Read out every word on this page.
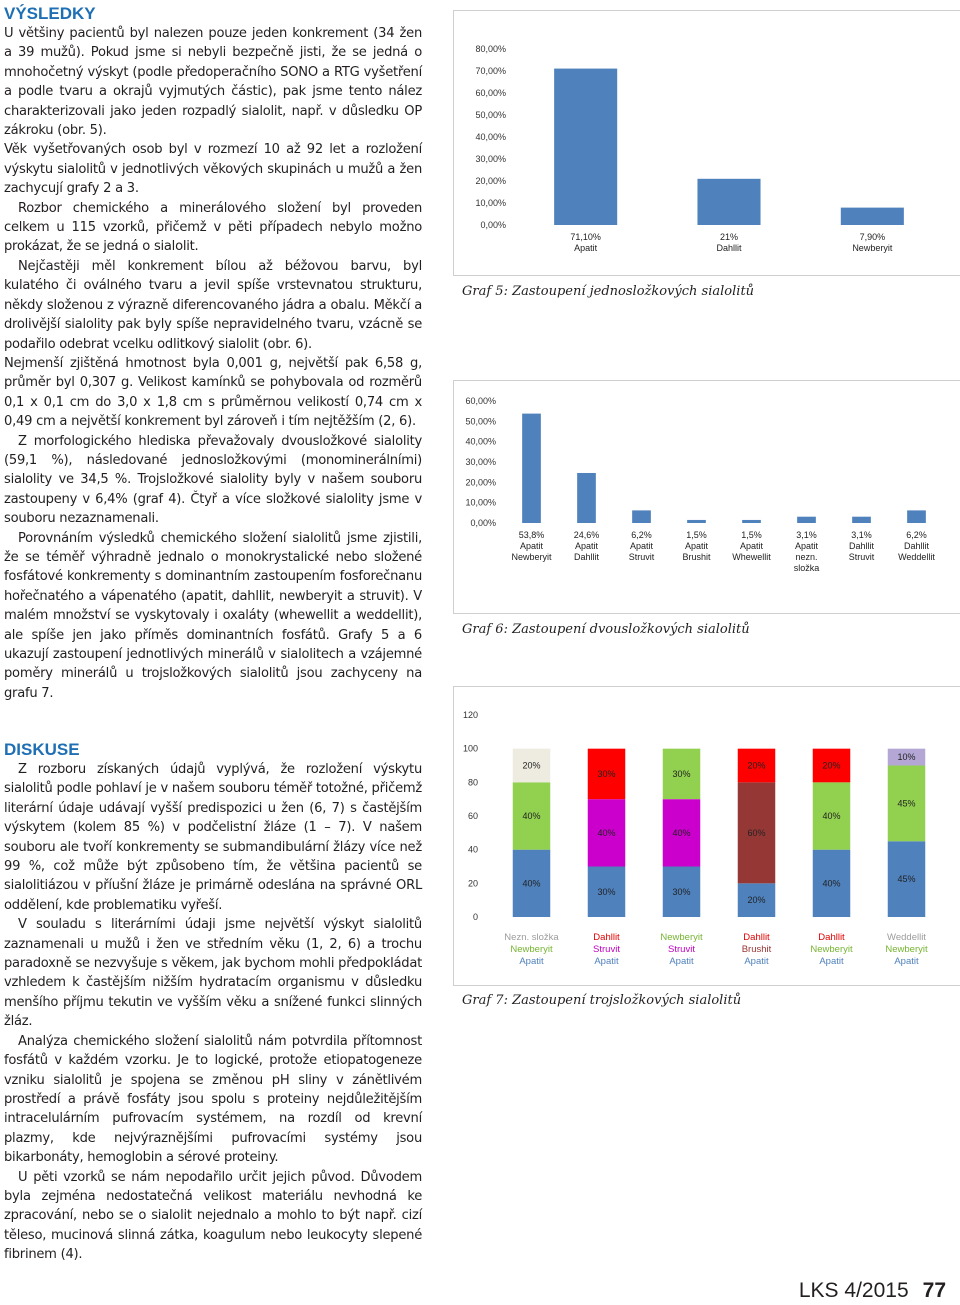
VÝSLEDKY

U většiny pacientů byl nalezen pouze jeden konkrement (34 žen a 39 mužů). Pokud jsme si nebyli bezpečně jisti, že se jedná o mnohočetný výskyt (podle předoperačního SONO a RTG vyšetření a podle tvaru a okrajů vyjmutých částic), pak jsme tento nález charakterizovali jako jeden rozpadlý sialolit, např. v důsledku OP zákroku (obr. 5).

Věk vyšetřovaných osob byl v rozmezí 10 až 92 let a rozložení výskytu sialolitů v jednotlivých věkových skupinách u mužů a žen zachycují grafy 2 a 3.

Rozbor chemického a minerálového složení byl proveden celkem u 115 vzorků, přičemž v pěti případech nebylo možno prokázat, že se jedná o sialolit.

Nejčastěji měl konkrement bílou až béžovou barvu, byl kulatého či oválného tvaru a jevil spíše vrstevnatou strukturu, někdy složenou z výrazně diferencovaného jádra a obalu. Měkčí a drolivější sialolity pak byly spíše nepravidelného tvaru, vzácně se podařilo odebrat vcelku odlitkový sialolit (obr. 6).

Nejmenší zjištěná hmotnost byla 0,001 g, největší pak 6,58 g, průměr byl 0,307 g. Velikost kamínků se pohybovala od rozměrů 0,1 x 0,1 cm do 3,0 x 1,8 cm s průměrnou velikostí 0,74 cm x 0,49 cm a největší konkrement byl zároveň i tím nejtěžším (2, 6).

Z morfologického hlediska převažovaly dvousložkové sialolity (59,1 %), následované jednosložkovými (monominerálními) sialolity ve 34,5 %. Trojsložkové sialolity byly v našem souboru zastoupeny v 6,4% (graf 4). Čtyř a více složkové sialolity jsme v souboru nezaznamenali.

Porovnáním výsledků chemického složení sialolitů jsme zjistili, že se téměř výhradně jednalo o monokrystalické nebo složené fosfátové konkrementy s dominantním zastoupením fosforečnanu hořečnatého a vápenatého (apatit, dahllit, newberyit a struvit). V malém množství se vyskytovaly i oxaláty (whewellit a weddellit), ale spíše jen jako příměs dominantních fosfátů. Grafy 5 a 6 ukazují zastoupení jednotlivých minerálů v sialolitech a vzájemné poměry minerálů u trojsložkových sialolitů jsou zachyceny na grafu 7.

DISKUSE

Z rozboru získaných údajů vyplývá, že rozložení výskytu sialolitů podle pohlaví je v našem souboru téměř totožné, přičemž literární údaje udávají vyšší predispozici u žen (6, 7) s častějším výskytem (kolem 85 %) v podčelistní žláze (1 – 7). V našem souboru ale tvoří konkrementy se submandibulární žlázy více než 99 %, což může být způsobeno tím, že většina pacientů se sialolitiázou v příušní žláze je primárně odeslána na správné ORL oddělení, kde problematiku vyřeší.

V souladu s literárními údaji jsme největší výskyt sialolitů zaznamenali u mužů i žen ve středním věku (1, 2, 6) a trochu paradoxně se nezvyšuje s věkem, jak bychom mohli předpokládat vzhledem k častějším nižším hydratacím organismu v důsledku menšího příjmu tekutin ve vyšším věku a snížené funkci slinných žláz.

Analýza chemického složení sialolitů nám potvrdila přítomnost fosfátů v každém vzorku. Je to logické, protože etiopatogeneze vzniku sialolitů je spojena se změnou pH sliny v zánětlivém prostředí a právě fosfáty jsou spolu s proteiny nejdůležitějším intracelulárním pufrovacím systémem, na rozdíl od krevní plazmy, kde nejvýraznějšími pufrovacími systémy jsou bikarbonáty, hemoglobin a sérové proteiny.

U pěti vzorků se nám nepodařilo určit jejich původ. Důvodem byla zejména nedostatečná velikost materiálu nevhodná ke zpracování, nebo se o sialolit nejednalo a mohlo to být např. cizí těleso, mucinová slinná zátka, koagulum nebo leukocyty slepené fibrinem (4).

0,00%
10,00%
20,00%
30,00%
40,00%
50,00%
60,00%
70,00%
80,00%
71,10%
Apatit
21%
Dahllit
7,90%
Newberyit
Graf 5: Zastoupení jednosložkových sialolitů
0,00%
10,00%
20,00%
30,00%
40,00%
50,00%
60,00%
53,8%
Apatit
Newberyit
24,6%
Apatit
Dahllit
6,2%
Apatit
Struvit
1,5%
Apatit
Brushit
1,5%
Apatit
Whewellit
3,1%
Apatit
nezn.
složka
3,1%
Dahllit
Struvit
6,2%
Dahllit
Weddellit
Graf 6: Zastoupení dvousložkových sialolitů
0
20
40
60
80
100
120
40%
40%
20%
Nezn. složka
Newberyit
Apatit
30%
40%
30%
Dahllit
Struvit
Apatit
30%
40%
30%
Newberyit
Struvit
Apatit
20%
60%
20%
Dahllit
Brushit
Apatit
40%
40%
20%
Dahllit
Newberyit
Apatit
45%
45%
10%
Weddellit
Newberyit
Apatit
Graf 7: Zastoupení trojsložkových sialolitů
LKS 4/2015 77
